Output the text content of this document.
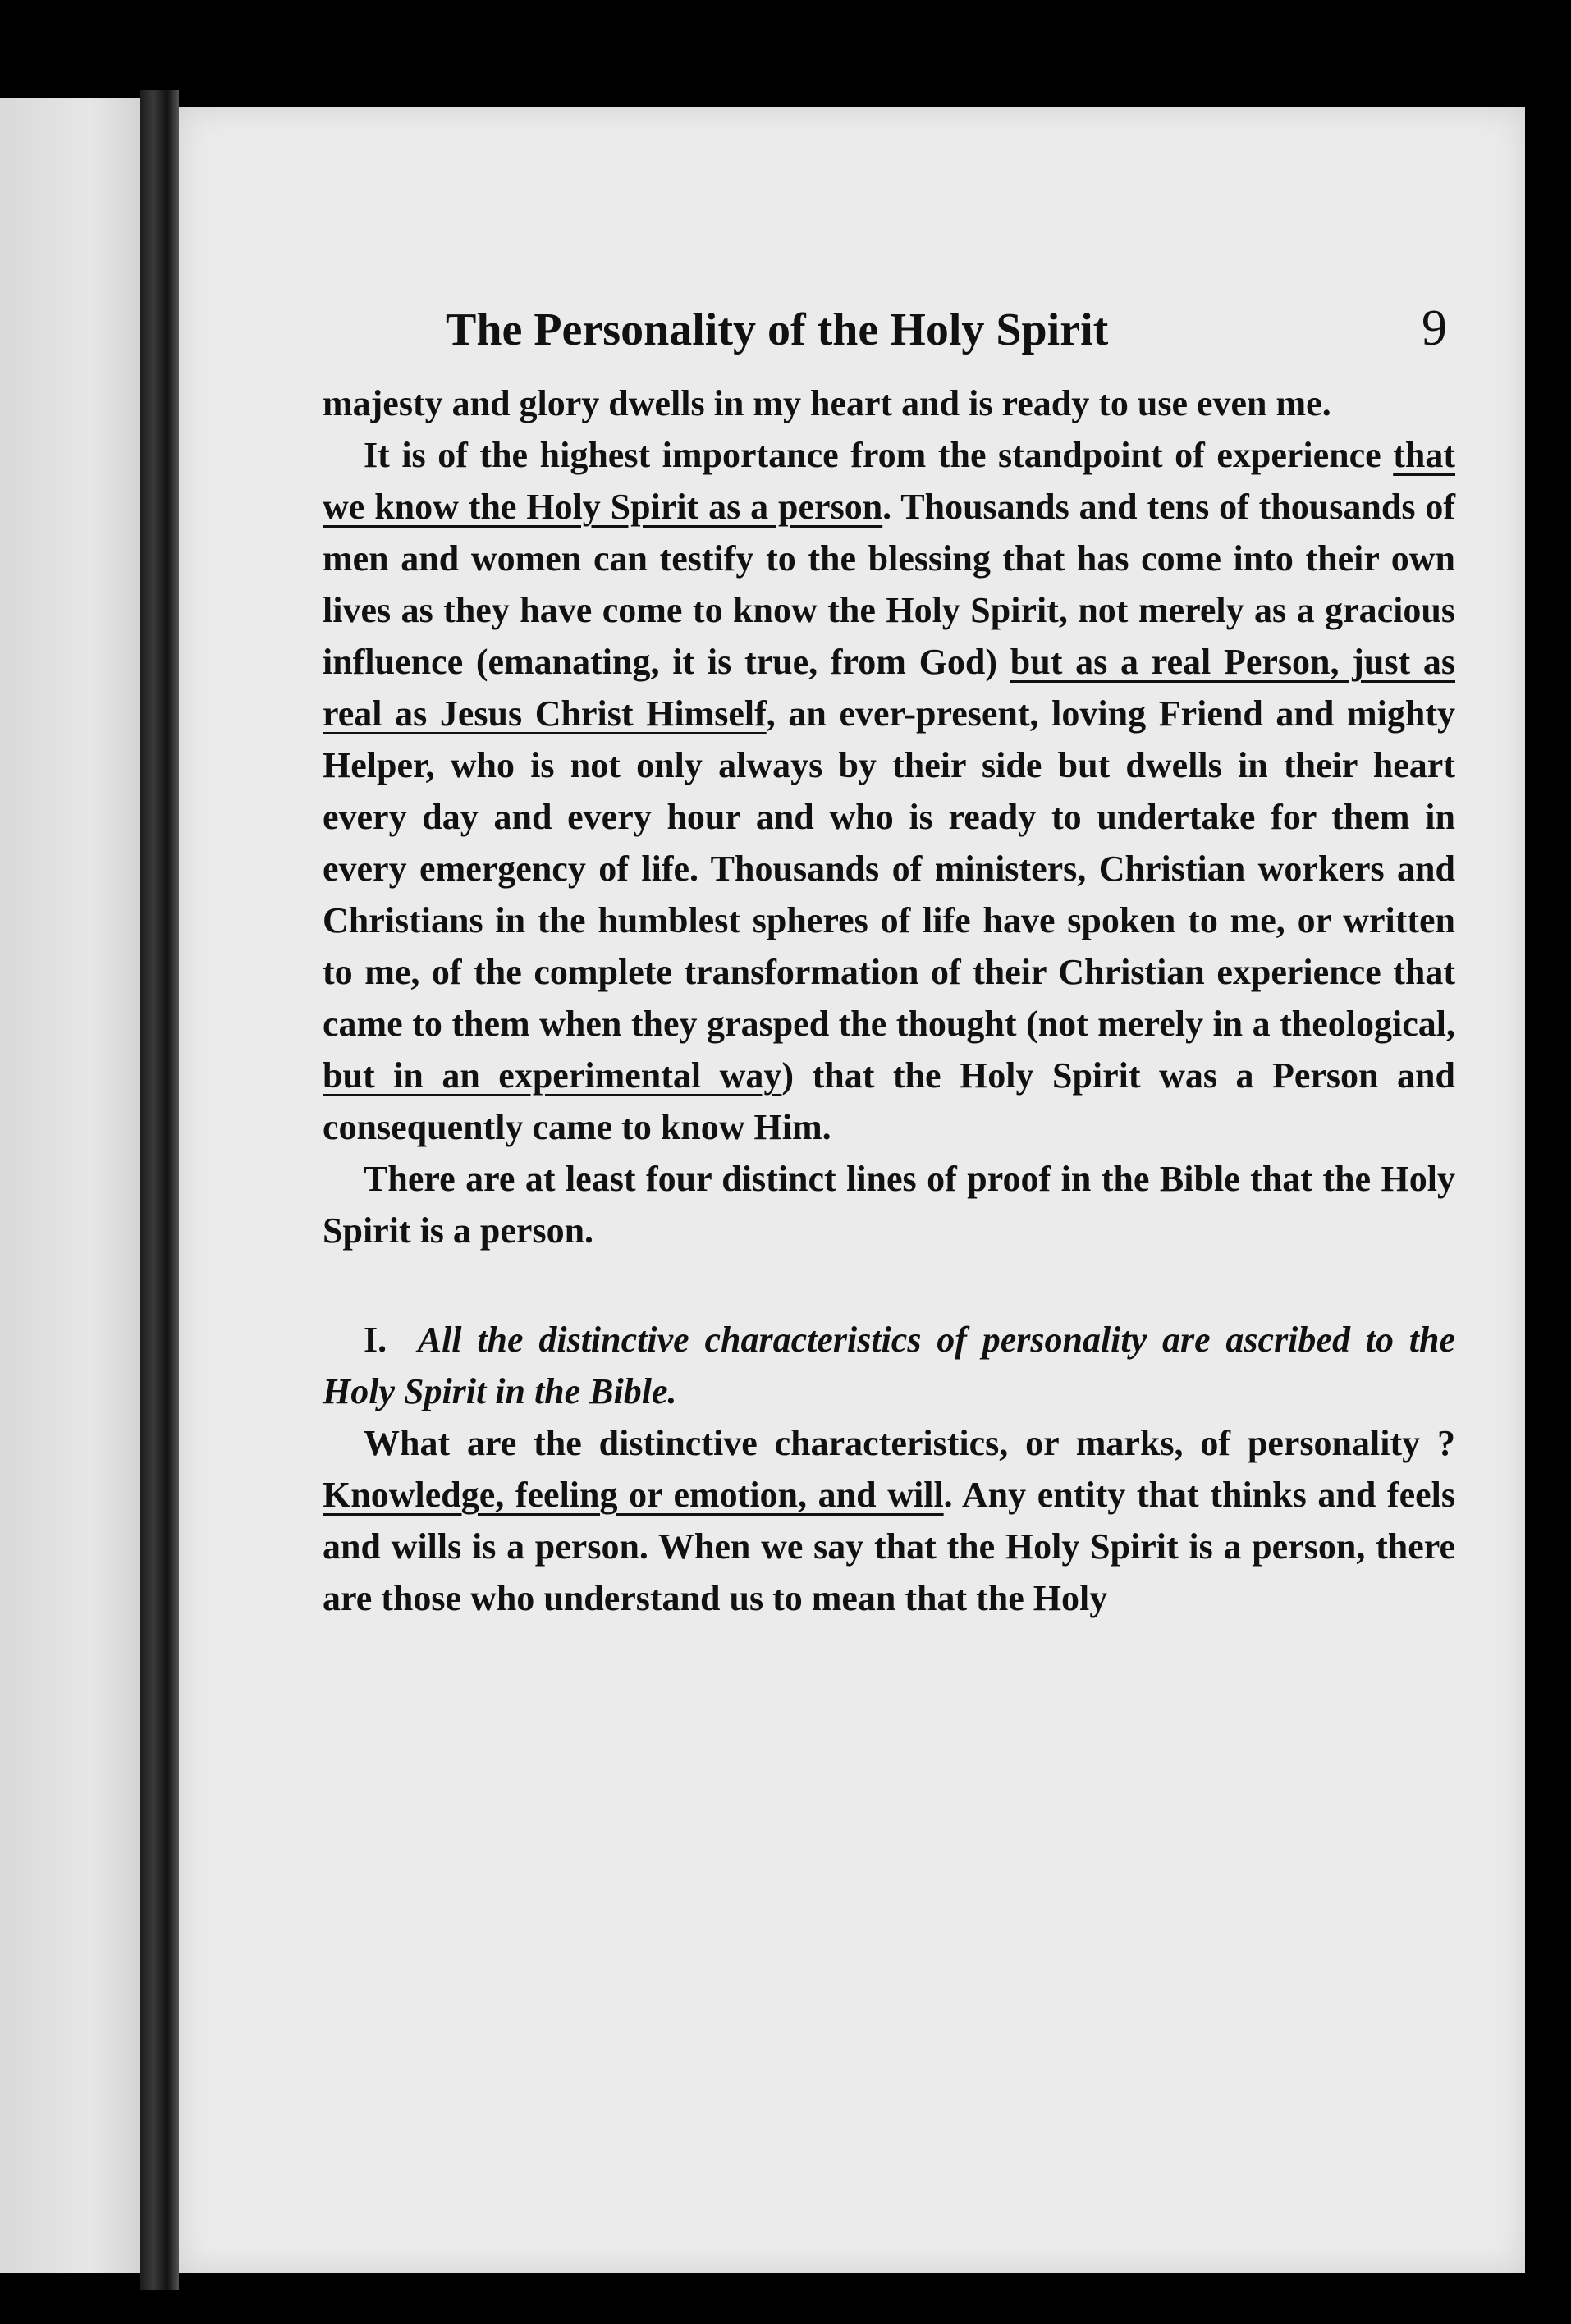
The Personality of the Holy Spirit	9

majesty and glory dwells in my heart and is ready to use even me.

It is of the highest importance from the standpoint of experience that we know the Holy Spirit as a person. Thousands and tens of thousands of men and women can testify to the blessing that has come into their own lives as they have come to know the Holy Spirit, not merely as a gracious influence (emanating, it is true, from God) but as a real Person, just as real as Jesus Christ Himself, an ever-present, loving Friend and mighty Helper, who is not only always by their side but dwells in their heart every day and every hour and who is ready to undertake for them in every emergency of life. Thousands of ministers, Christian workers and Christians in the humblest spheres of life have spoken to me, or written to me, of the complete transformation of their Christian experience that came to them when they grasped the thought (not merely in a theological, but in an experimental way) that the Holy Spirit was a Person and consequently came to know Him.

There are at least four distinct lines of proof in the Bible that the Holy Spirit is a person.

I. All the distinctive characteristics of personality are ascribed to the Holy Spirit in the Bible.

What are the distinctive characteristics, or marks, of personality ? Knowledge, feeling or emotion, and will. Any entity that thinks and feels and wills is a person. When we say that the Holy Spirit is a person, there are those who understand us to mean that the Holy
